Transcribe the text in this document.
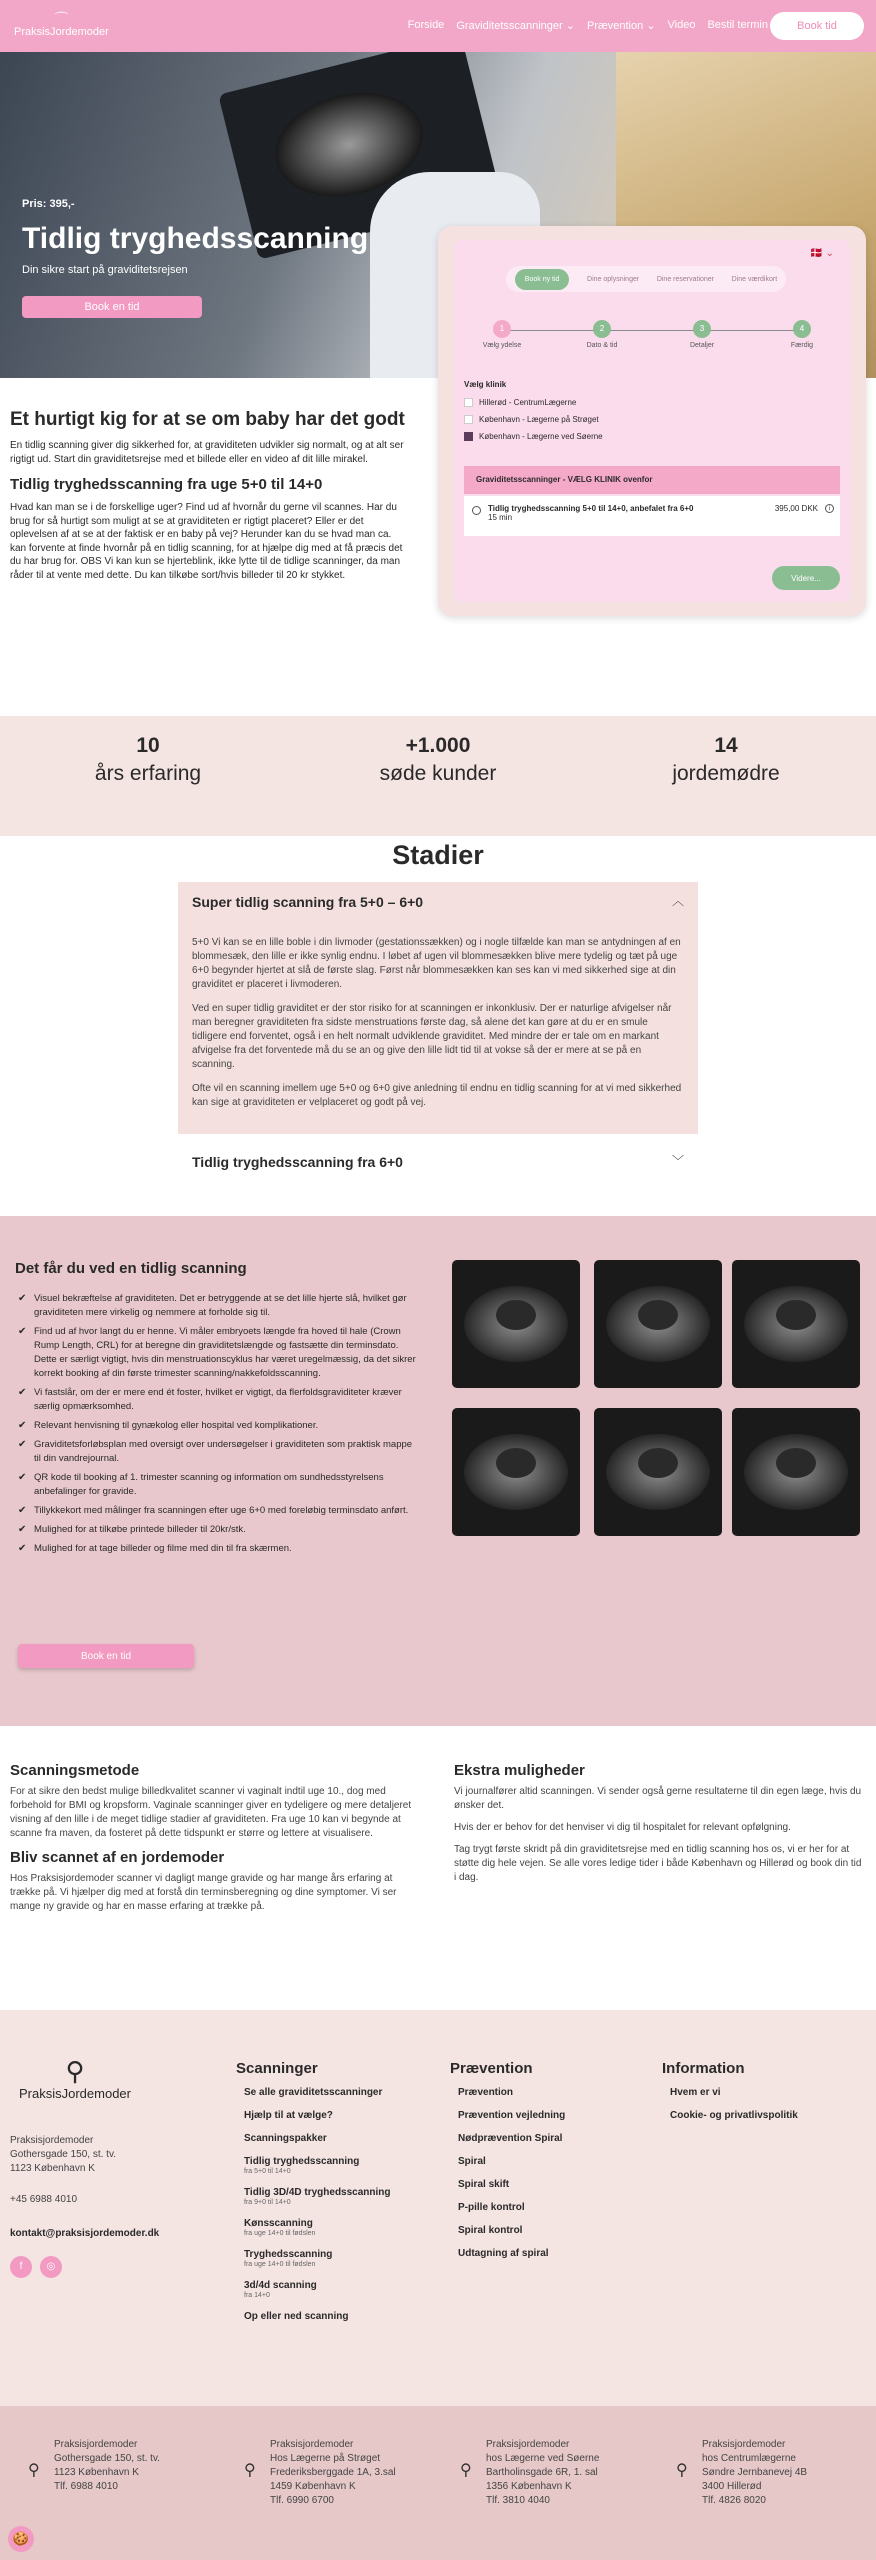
⌒
PraksisJordemoder
Forside Graviditetsscanninger ⌄ Prævention ⌄ Video Bestil termin	Book tid
Pris: 395,-
Tidlig tryghedsscanning
Din sikre start på graviditetsrejsen
Book en tid
🇩🇰 ⌄
Book ny tid	Dine oplysninger	Dine reservationer	Dine værdikort
1
Vælg ydelse
2
Dato & tid
3
Detaljer
4
Færdig
Vælg klinik
Hillerød - CentrumLægerne
København - Lægerne på Strøget
København - Lægerne ved Søerne
Graviditetsscanninger - VÆLG KLINIK ovenfor
Tidlig tryghedsscanning 5+0 til 14+0, anbefalet fra 6+0
15 min
395,00 DKK	i
Videre...
Et hurtigt kig for at se om baby har det godt

En tidlig scanning giver dig sikkerhed for, at graviditeten udvikler sig normalt, og at alt ser rigtigt ud. Start din graviditetsrejse med et billede eller en video af dit lille mirakel.

Tidlig tryghedsscanning fra uge 5+0 til 14+0

Hvad kan man se i de forskellige uger? Find ud af hvornår du gerne vil scannes. Har du brug for så hurtigt som muligt at se at graviditeten er rigtigt placeret? Eller er det oplevelsen af at se at der faktisk er en baby på vej? Herunder kan du se hvad man ca. kan forvente at finde hvornår på en tidlig scanning, for at hjælpe dig med at få præcis det du har brug for. OBS Vi kan kun se hjerteblink, ikke lytte til de tidlige scanninger, da man råder til at vente med dette. Du kan tilkøbe sort/hvis billeder til 20 kr stykket.

10
års erfaring
+1.000
søde kunder
14
jordemødre
Stadier
Super tidlig scanning fra 5+0 – 6+0	︿

5+0 Vi kan se en lille boble i din livmoder (gestationssækken) og i nogle tilfælde kan man se antydningen af en blommesæk, den lille er ikke synlig endnu. I løbet af ugen vil blommesækken blive mere tydelig og tæt på uge 6+0 begynder hjertet at slå de første slag. Først når blommesækken kan ses kan vi med sikkerhed sige at din graviditet er placeret i livmoderen.

Ved en super tidlig graviditet er der stor risiko for at scanningen er inkonklusiv. Der er naturlige afvigelser når man beregner graviditeten fra sidste menstruations første dag, så alene det kan gøre at du er en smule tidligere end forventet, også i en helt normalt udviklende graviditet. Med mindre der er tale om en markant afvigelse fra det forventede må du se an og give den lille lidt tid til at vokse så der er mere at se på en scanning.

Ofte vil en scanning imellem uge 5+0 og 6+0 give anledning til endnu en tidlig scanning for at vi med sikkerhed kan sige at graviditeten er velplaceret og godt på vej.

Tidlig tryghedsscanning fra 6+0	﹀
Det får du ved en tidlig scanning
✔ Visuel bekræftelse af graviditeten. Det er betryggende at se det lille hjerte slå, hvilket gør graviditeten mere virkelig og nemmere at forholde sig til.
✔ Find ud af hvor langt du er henne. Vi måler embryoets længde fra hoved til hale (Crown Rump Length, CRL) for at beregne din graviditetslængde og fastsætte din terminsdato. Dette er særligt vigtigt, hvis din menstruationscyklus har været uregelmæssig, da det sikrer korrekt booking af din første trimester scanning/nakkefoldsscanning.
✔ Vi fastslår, om der er mere end ét foster, hvilket er vigtigt, da flerfoldsgraviditeter kræver særlig opmærksomhed.
✔ Relevant henvisning til gynækolog eller hospital ved komplikationer.
✔ Graviditetsforløbsplan med oversigt over undersøgelser i graviditeten som praktisk mappe til din vandrejournal.
✔ QR kode til booking af 1. trimester scanning og information om sundhedsstyrelsens anbefalinger for gravide.
✔ Tillykkekort med målinger fra scanningen efter uge 6+0 med foreløbig terminsdato anført.
✔ Mulighed for at tilkøbe printede billeder til 20kr/stk.
✔ Mulighed for at tage billeder og filme med din til fra skærmen.
Book en tid
Scanningsmetode

For at sikre den bedst mulige billedkvalitet scanner vi vaginalt indtil uge 10., dog med forbehold for BMI og kropsform. Vaginale scanninger giver en tydeligere og mere detaljeret visning af den lille i de meget tidlige stadier af graviditeten. Fra uge 10 kan vi begynde at scanne fra maven, da fosteret på dette tidspunkt er større og lettere at visualisere.

Bliv scannet af en jordemoder

Hos Praksisjordemoder scanner vi dagligt mange gravide og har mange års erfaring at trække på. Vi hjælper dig med at forstå din terminsberegning og dine symptomer. Vi ser mange ny gravide og har en masse erfaring at trække på.

Ekstra muligheder

Vi journalfører altid scanningen. Vi sender også gerne resultaterne til din egen læge, hvis du ønsker det.

Hvis der er behov for det henviser vi dig til hospitalet for relevant opfølgning.

Tag trygt første skridt på din graviditetsrejse med en tidlig scanning hos os, vi er her for at støtte dig hele vejen. Se alle vores ledige tider i både København og Hillerød og book din tid i dag.

⚲
PraksisJordemoder
Praksisjordemoder
Gothersgade 150, st. tv.
1123 København K
+45 6988 4010
kontakt@praksisjordemoder.dk
f	◎
Scanninger
Se alle graviditetsscanninger
Hjælp til at vælge?
Scanningspakker
Tidlig tryghedsscanning
fra 5+0 til 14+0
Tidlig 3D/4D tryghedsscanning
fra 9+0 til 14+0
Kønsscanning
fra uge 14+0 til fødslen
Tryghedsscanning
fra uge 14+0 til fødslen
3d/4d scanning
fra 14+0
Op eller ned scanning
Prævention
Prævention
Prævention vejledning
Nødprævention Spiral
Spiral
Spiral skift
P-pille kontrol
Spiral kontrol
Udtagning af spiral
Information
Hvem er vi
Cookie- og privatlivspolitik
⚲
Praksisjordemoder
Gothersgade 150, st. tv.
1123 København K
Tlf. 6988 4010
⚲
Praksisjordemoder
Hos Lægerne på Strøget
Frederiksberggade 1A, 3.sal
1459 København K
Tlf. 6990 6700
⚲
Praksisjordemoder
hos Lægerne ved Søerne
Bartholinsgade 6R, 1. sal
1356 København K
Tlf. 3810 4040
⚲
Praksisjordemoder
hos Centrumlægerne
Søndre Jernbanevej 4B
3400 Hillerød
Tlf. 4826 8020
🍪
